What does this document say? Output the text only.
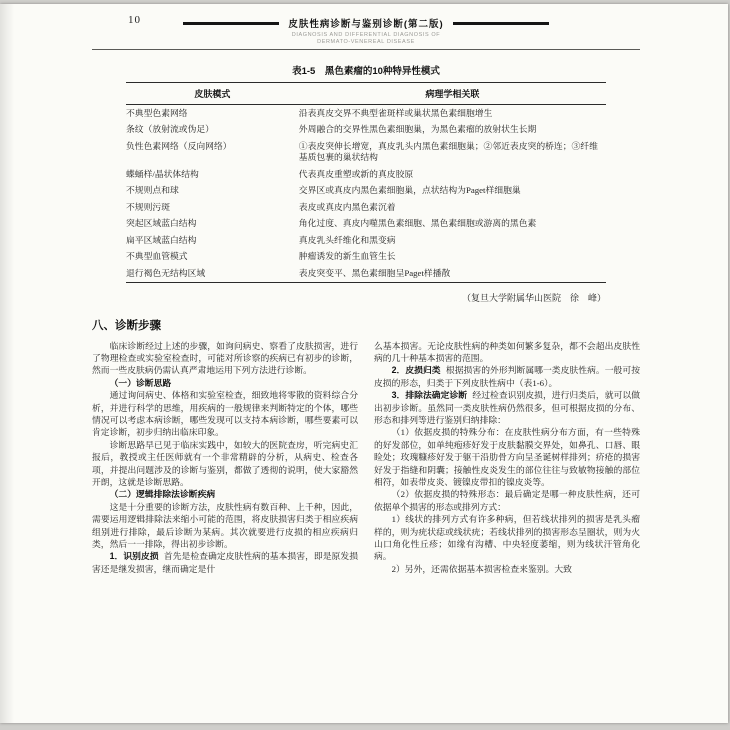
10	皮肤性病诊断与鉴别诊断(第二版)
DIAGNOSIS AND DIFFERENTIAL DIAGNOSIS OF
DERMATO-VENEREAL DISEASE
表1-5　黑色素瘤的10种特异性模式
皮肤模式	病理学相关联
不典型色素网络	沿表真皮交界不典型雀斑样或巢状黑色素细胞增生
条纹（放射流或伪足）	外周融合的交界性黑色素细胞巢，为黑色素瘤的放射状生长期
负性色素网络（反向网络）	①表皮突伸长增宽，真皮乳头内黑色素细胞巢；②邻近表皮突的桥连；③纤维基质包裹的巢状结构
蝶蛹样/晶状体结构	代表真皮重塑或新的真皮胶原
不规则点和球	交界区或真皮内黑色素细胞巢，点状结构为Paget样细胞巢
不规则污斑	表皮或真皮内黑色素沉着
突起区域蓝白结构	角化过度、真皮内噬黑色素细胞、黑色素细胞或游离的黑色素
扁平区域蓝白结构	真皮乳头纤维化和黑变病
不典型血管模式	肿瘤诱发的新生血管生长
退行褐色无结构区域	表皮突变平、黑色素细胞呈Paget样播散
（复旦大学附属华山医院　徐　峰）
八、诊断步骤

临床诊断经过上述的步骤，如询问病史、察看了皮肤损害，进行了物理检查或实验室检查时，可能对所诊察的疾病已有初步的诊断，然而一些皮肤病仍需认真严肃地运用下列方法进行诊断。

（一）诊断思路

通过询问病史、体格和实验室检查，细致地将零散的资料综合分析，并进行科学的思维，用疾病的一般规律来判断特定的个体，哪些情况可以考虑本病诊断，哪些发现可以支持本病诊断，哪些要素可以肯定诊断，初步归纳出临床印象。

诊断思路早已见于临床实践中，如较大的医院查房，听完病史汇报后，教授或主任医师就有一个非常精辟的分析，从病史、检查各项，并提出问题涉及的诊断与鉴别，都做了透彻的说明，使大家豁然开朗，这就是诊断思路。

（二）逻辑排除法诊断疾病

这是十分重要的诊断方法，皮肤性病有数百种、上千种，因此，需要运用逻辑排除法来缩小可能的范围，将皮肤损害归类于相应疾病组别进行排除，最后诊断为某病。其次就要进行皮损的相应疾病归类，然后一一排除，得出初步诊断。

1．识别皮损 首先是检查确定皮肤性病的基本损害，即是原发损害还是继发损害，继而确定是什

么基本损害。无论皮肤性病的种类如何繁多复杂，都不会超出皮肤性病的几十种基本损害的范围。

2．皮损归类 根据损害的外形判断属哪一类皮肤性病。一般可按皮损的形态，归类于下列皮肤性病中（表1-6）。

3．排除法确定诊断 经过检查识别皮损，进行归类后，就可以做出初步诊断。虽然同一类皮肤性病仍然很多，但可根据皮损的分布、形态和排列等进行鉴别归纳排除：

（1）依据皮损的特殊分布：在皮肤性病分布方面，有一些特殊的好发部位，如单纯疱疹好发于皮肤黏膜交界处，如鼻孔、口唇、眼睑处；玫瑰糠疹好发于躯干沿肋骨方向呈圣诞树样排列；疥疮的损害好发于指缝和阴囊；接触性皮炎发生的部位往往与致敏物接触的部位相符，如表带皮炎、镀镍皮带扣的镍皮炎等。

（2）依据皮损的特殊形态：最后确定是哪一种皮肤性病，还可依据单个损害的形态或排列方式：

1）线状的排列方式有许多种病，但若线状排列的损害是乳头瘤样的，则为疣状痣或线状疣；若线状排列的损害形态呈圈状，则为火山口角化性丘疹；如缘有沟槽、中央轻度萎缩，则为线状汗管角化病。

2）另外，还需依据基本损害检查来鉴别。大致
